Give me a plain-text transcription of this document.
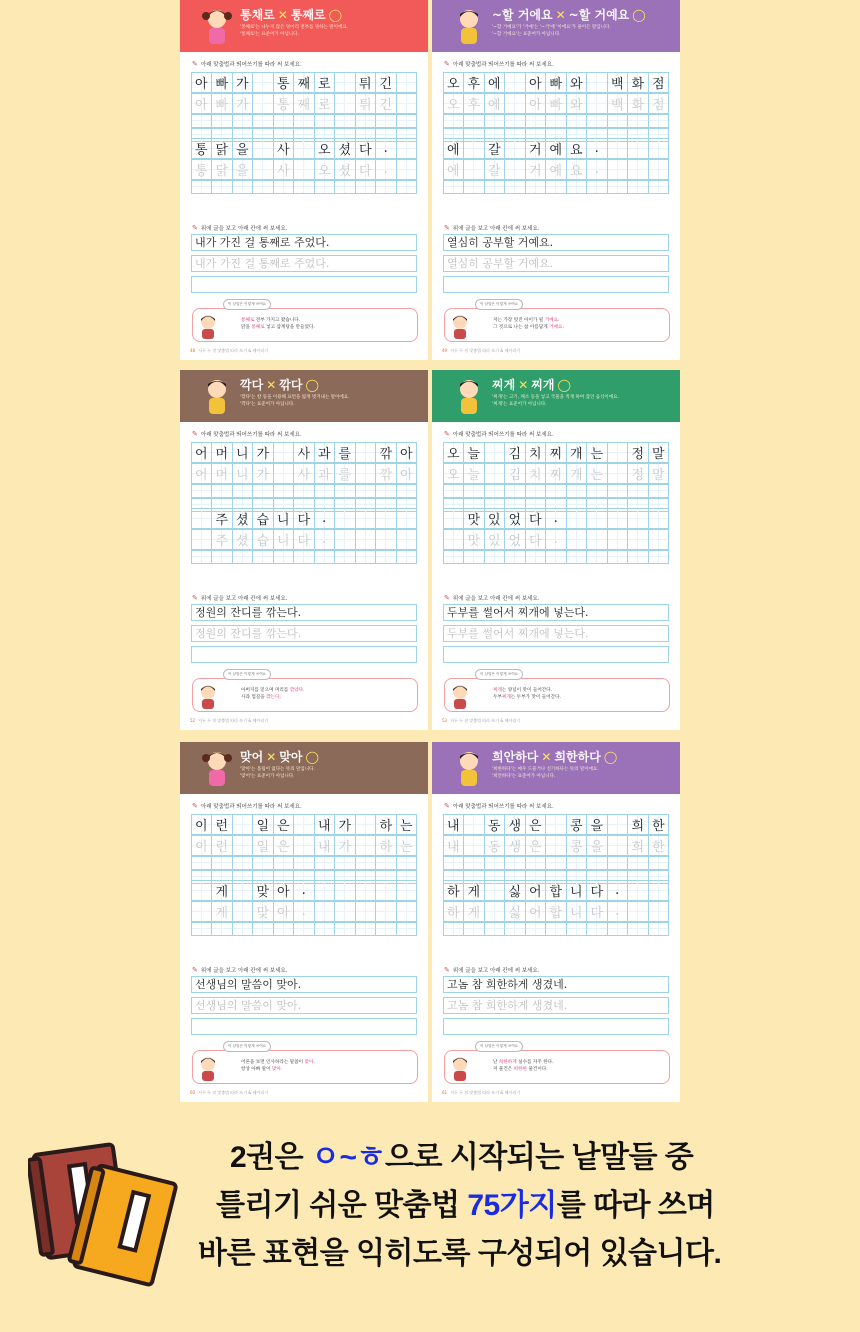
통채로 ✕ 통째로 ◯
'통째로'는 나누지 않은 덩어리 전부를 뜻하는 말이에요.
'통채로'는 표준어가 아닙니다.
✎ 아래 맞춤법과 띄어쓰기를 따라 써 보세요.
아 빠 가	통 째 로	튀 긴
아 빠 가	통 째 로	튀 긴
통 닭 을	사	오 셨 다 .
통 닭 을	사	오 셨 다 .
✎ 위에 글을 보고 아래 칸에 써 보세요.
내가 가진 걸 통째로 주었다.
내가 가진 걸 통째로 주었다.
이 낱말은 이렇게 쓰여요
통째로 전부 가지고 왔습니다.
닭을 통째로 넣고 삼계탕을 만들었다.
48 저두 두 점 맞춤법 따라 쓰기 & 헤아리기
~할 거에요 ✕ ~할 거예요 ◯
'~할 거예요'가 '거예'는 '~거'에 '이에요'가 줄어든 말입니다.
'~할 거에요'는 표준어가 아닙니다.
✎ 아래 맞춤법과 띄어쓰기를 따라 써 보세요.
오 후 에	아 빠 와	백 화 점
오 후 에	아 빠 와	백 화 점
에	갈	거 예 요 .
에	갈	거 예 요 .
✎ 위에 글을 보고 아래 칸에 써 보세요.
열심히 공부할 거예요.
열심히 공부할 거예요.
이 낱말은 이렇게 쓰여요
저는 가장 멋진 아이가 될 거예요.
그 것으로 나는 참 아름답게 거예요.
49 저두 두 점 맞춤법 따라 쓰기 & 헤아리기
깍다 ✕ 깎다 ◯
'깎다'는 칼 등을 이용해 표면을 얇게 벗겨내는 말이에요.
'깍다'는 표준어가 아닙니다.
✎ 아래 맞춤법과 띄어쓰기를 따라 써 보세요.
어 머 니 가	사 과 를	깎 아
어 머 니 가	사 과 를	깎 아
주 셨 습 니 다 .
주 셨 습 니 다 .
✎ 위에 글을 보고 아래 칸에 써 보세요.
정원의 잔디를 깎는다.
정원의 잔디를 깎는다.
이 낱말은 이렇게 쓰여요
아버지를 믿으며 머리를 깎았다.
사과 껍질을 깎는다.
52 저두 두 점 맞춤법 따라 쓰기 & 헤아리기
찌게 ✕ 찌개 ◯
'찌개'는 고기, 채소 등을 넣고 국물을 적게 하여 끓인 음식이에요.
'찌게'는 표준어가 아닙니다.
✎ 아래 맞춤법과 띄어쓰기를 따라 써 보세요.
오 늘	김 치 찌 개 는	정 말
오 늘	김 치 찌 개 는	정 말
맛 있 었 다 .
맛 있 었 다 .
✎ 위에 글을 보고 아래 칸에 써 보세요.
두부를 썰어서 찌개에 넣는다.
두부를 썰어서 찌개에 넣는다.
이 낱말은 이렇게 쓰여요
찌개는 양념이 맛이 들어간다.
두부찌개는 두부가 맛이 들어간다.
53 저두 두 점 맞춤법 따라 쓰기 & 헤아리기
맞어 ✕ 맞아 ◯
'맞아'는 틀림이 없다는 뜻의 말입니다.
'맞어'는 표준어가 아닙니다.
✎ 아래 맞춤법과 띄어쓰기를 따라 써 보세요.
이 런	일 은	내 가	하 는
이 런	일 은	내 가	하 는
게	맞 아 .
게	맞 아 .
✎ 위에 글을 보고 아래 칸에 써 보세요.
선생님의 말씀이 맞아.
선생님의 말씀이 맞아.
이 낱말은 이렇게 쓰여요
어른을 보면 인사하라는 말씀이 맞아.
항상 아빠 말이 맞아.
60 저두 두 점 맞춤법 따라 쓰기 & 헤아리기
희안하다 ✕ 희한하다 ◯
'희한하다'는 매우 드물거나 신기하다는 뜻의 말이에요.
'희안하다'는 표준어가 아닙니다.
✎ 아래 맞춤법과 띄어쓰기를 따라 써 보세요.
내	동 생 은	콩 을	희 한
내	동 생 은	콩 을	희 한
하 게	싫 어 합 니 다 .
하 게	싫 어 합 니 다 .
✎ 위에 글을 보고 아래 칸에 써 보세요.
고놈 참 희한하게 생겼네.
고놈 참 희한하게 생겼네.
이 낱말은 이렇게 쓰여요
난 희한하게 실수를 자주 한다.
저 물건은 희한한 물건이다.
61 저두 두 점 맞춤법 따라 쓰기 & 헤아리기
2권은 ㅇ~ㅎ으로 시작되는 낱말들 중
틀리기 쉬운 맞춤법 75가지를 따라 쓰며
바른 표현을 익히도록 구성되어 있습니다.
